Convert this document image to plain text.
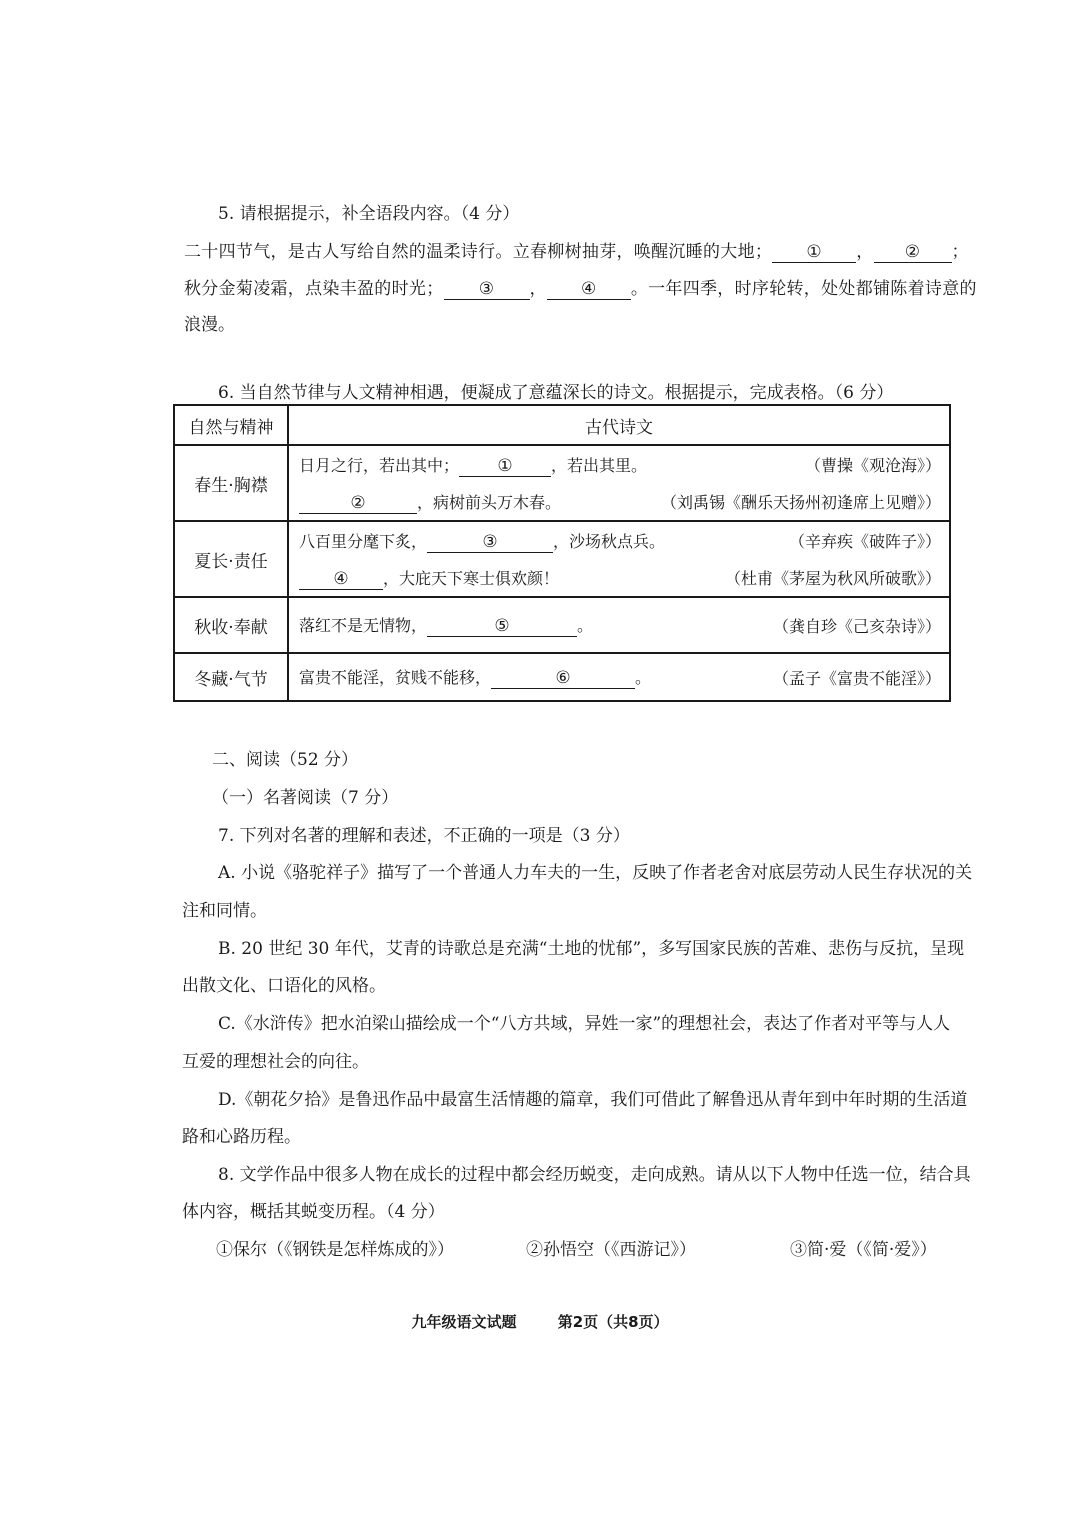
5. 请根据提示，补全语段内容。（4 分）
二十四节气，是古人写给自然的温柔诗行。立春柳树抽芽，唤醒沉睡的大地； ① ， ② ；
秋分金菊凌霜，点染丰盈的时光； ③ ， ④ 。一年四季，时序轮转，处处都铺陈着诗意的
浪漫。
6. 当自然节律与人文精神相遇，便凝成了意蕴深长的诗文。根据提示，完成表格。（6 分）
自然与精神	古代诗文
春生·胸襟	日月之行，若出其中； ① ，若出其里。 （曹操《观沧海》）
② ，病树前头万木春。 （刘禹锡《酬乐天扬州初逢席上见赠》）

夏长·责任	八百里分麾下炙， ③ ，沙场秋点兵。 （辛弃疾《破阵子》）
④ ，大庇天下寒士俱欢颜！ （杜甫《茅屋为秋风所破歌》）

秋收·奉献	落红不是无情物， ⑤ 。 （龚自珍《己亥杂诗》）

冬藏·气节	富贵不能淫，贫贱不能移， ⑥ 。 （孟子《富贵不能淫》）
二、阅读（52 分）
（一）名著阅读（7 分）
7. 下列对名著的理解和表述，不正确的一项是（3 分）
A. 小说《骆驼祥子》描写了一个普通人力车夫的一生，反映了作者老舍对底层劳动人民生存状况的关
注和同情。
B. 20 世纪 30 年代，艾青的诗歌总是充满“土地的忧郁”，多写国家民族的苦难、悲伤与反抗，呈现
出散文化、口语化的风格。
C.《水浒传》把水泊梁山描绘成一个“八方共域，异姓一家”的理想社会，表达了作者对平等与人人
互爱的理想社会的向往。
D.《朝花夕拾》是鲁迅作品中最富生活情趣的篇章，我们可借此了解鲁迅从青年到中年时期的生活道
路和心路历程。
8. 文学作品中很多人物在成长的过程中都会经历蜕变，走向成熟。请从以下人物中任选一位，结合具
体内容，概括其蜕变历程。（4 分）
①保尔（《钢铁是怎样炼成的》）	②孙悟空（《西游记》）	③简·爱（《简·爱》）
九年级语文试题	第2页（共8页）
